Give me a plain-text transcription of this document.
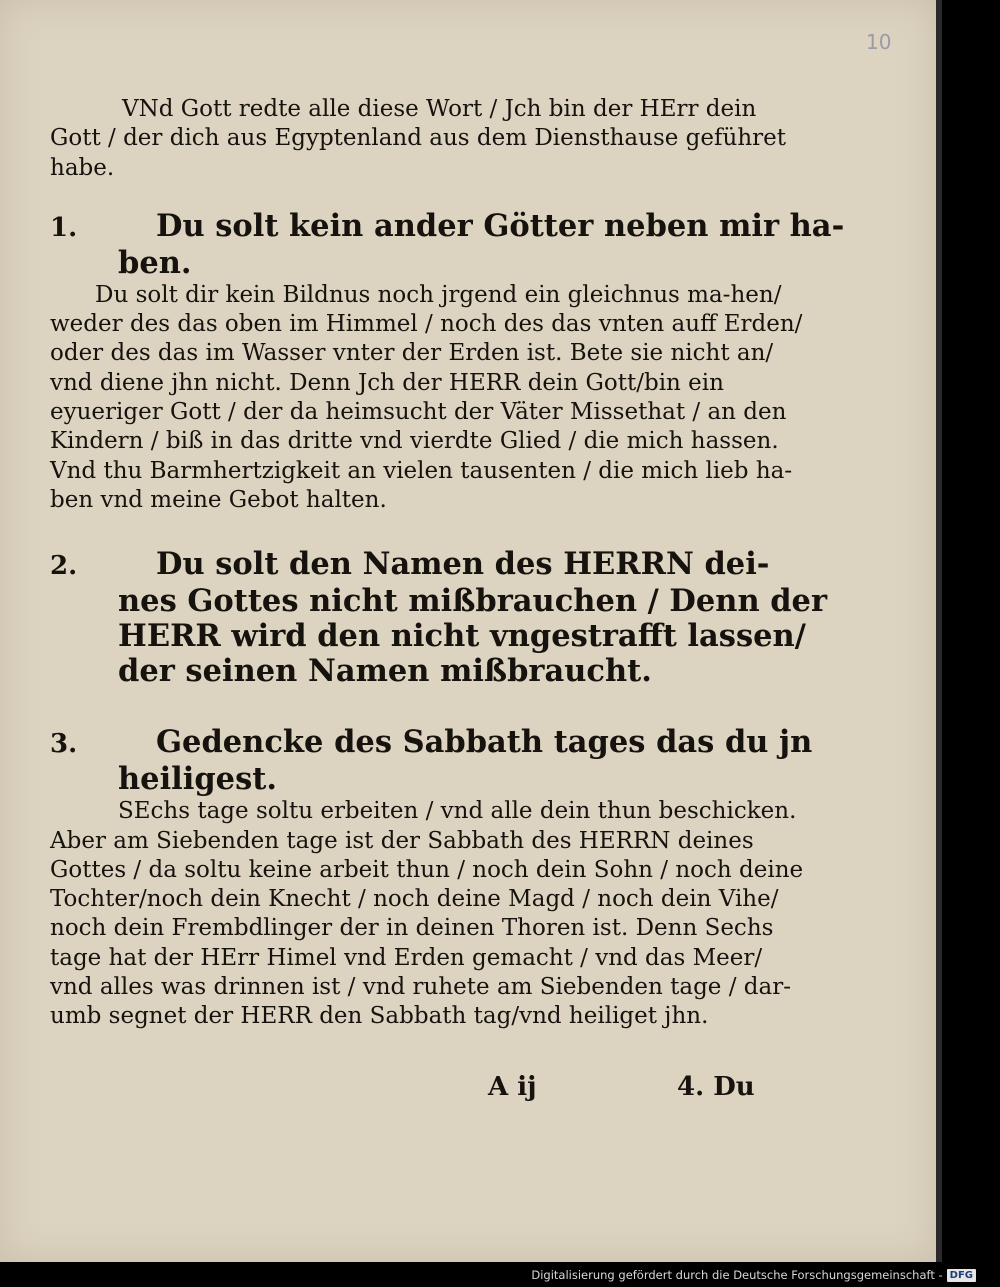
10
VNd Gott redte alle diese Wort / Jch bin der HErr dein
Gott / der dich aus Egyptenland aus dem Diensthause geführet
habe.
1.	Du solt kein ander Götter neben mir ha-
ben.
Du solt dir kein Bildnus noch jrgend ein gleichnus ma-hen/
weder des das oben im Himmel / noch des das vnten auff Erden/
oder des das im Wasser vnter der Erden ist. Bete sie nicht an/
vnd diene jhn nicht. Denn Jch der HERR dein Gott/bin ein
eyueriger Gott / der da heimsucht der Väter Missethat / an den
Kindern / biß in das dritte vnd vierdte Glied / die mich hassen.
Vnd thu Barmhertzigkeit an vielen tausenten / die mich lieb ha-
ben vnd meine Gebot halten.
2.	Du solt den Namen des HERRN dei-
nes Gottes nicht mißbrauchen / Denn der
HERR wird den nicht vngestrafft lassen/
der seinen Namen mißbraucht.
3.	Gedencke des Sabbath tages das du jn
heiligest.
SEchs tage soltu erbeiten / vnd alle dein thun beschicken.
Aber am Siebenden tage ist der Sabbath des HERRN deines
Gottes / da soltu keine arbeit thun / noch dein Sohn / noch deine
Tochter/noch dein Knecht / noch deine Magd / noch dein Vihe/
noch dein Frembdlinger der in deinen Thoren ist. Denn Sechs
tage hat der HErr Himel vnd Erden gemacht / vnd das Meer/
vnd alles was drinnen ist / vnd ruhete am Siebenden tage / dar-
umb segnet der HERR den Sabbath tag/vnd heiliget jhn.
A ij	4. Du
Digitalisierung gefördert durch die Deutsche Forschungsgemeinschaft - DFG
